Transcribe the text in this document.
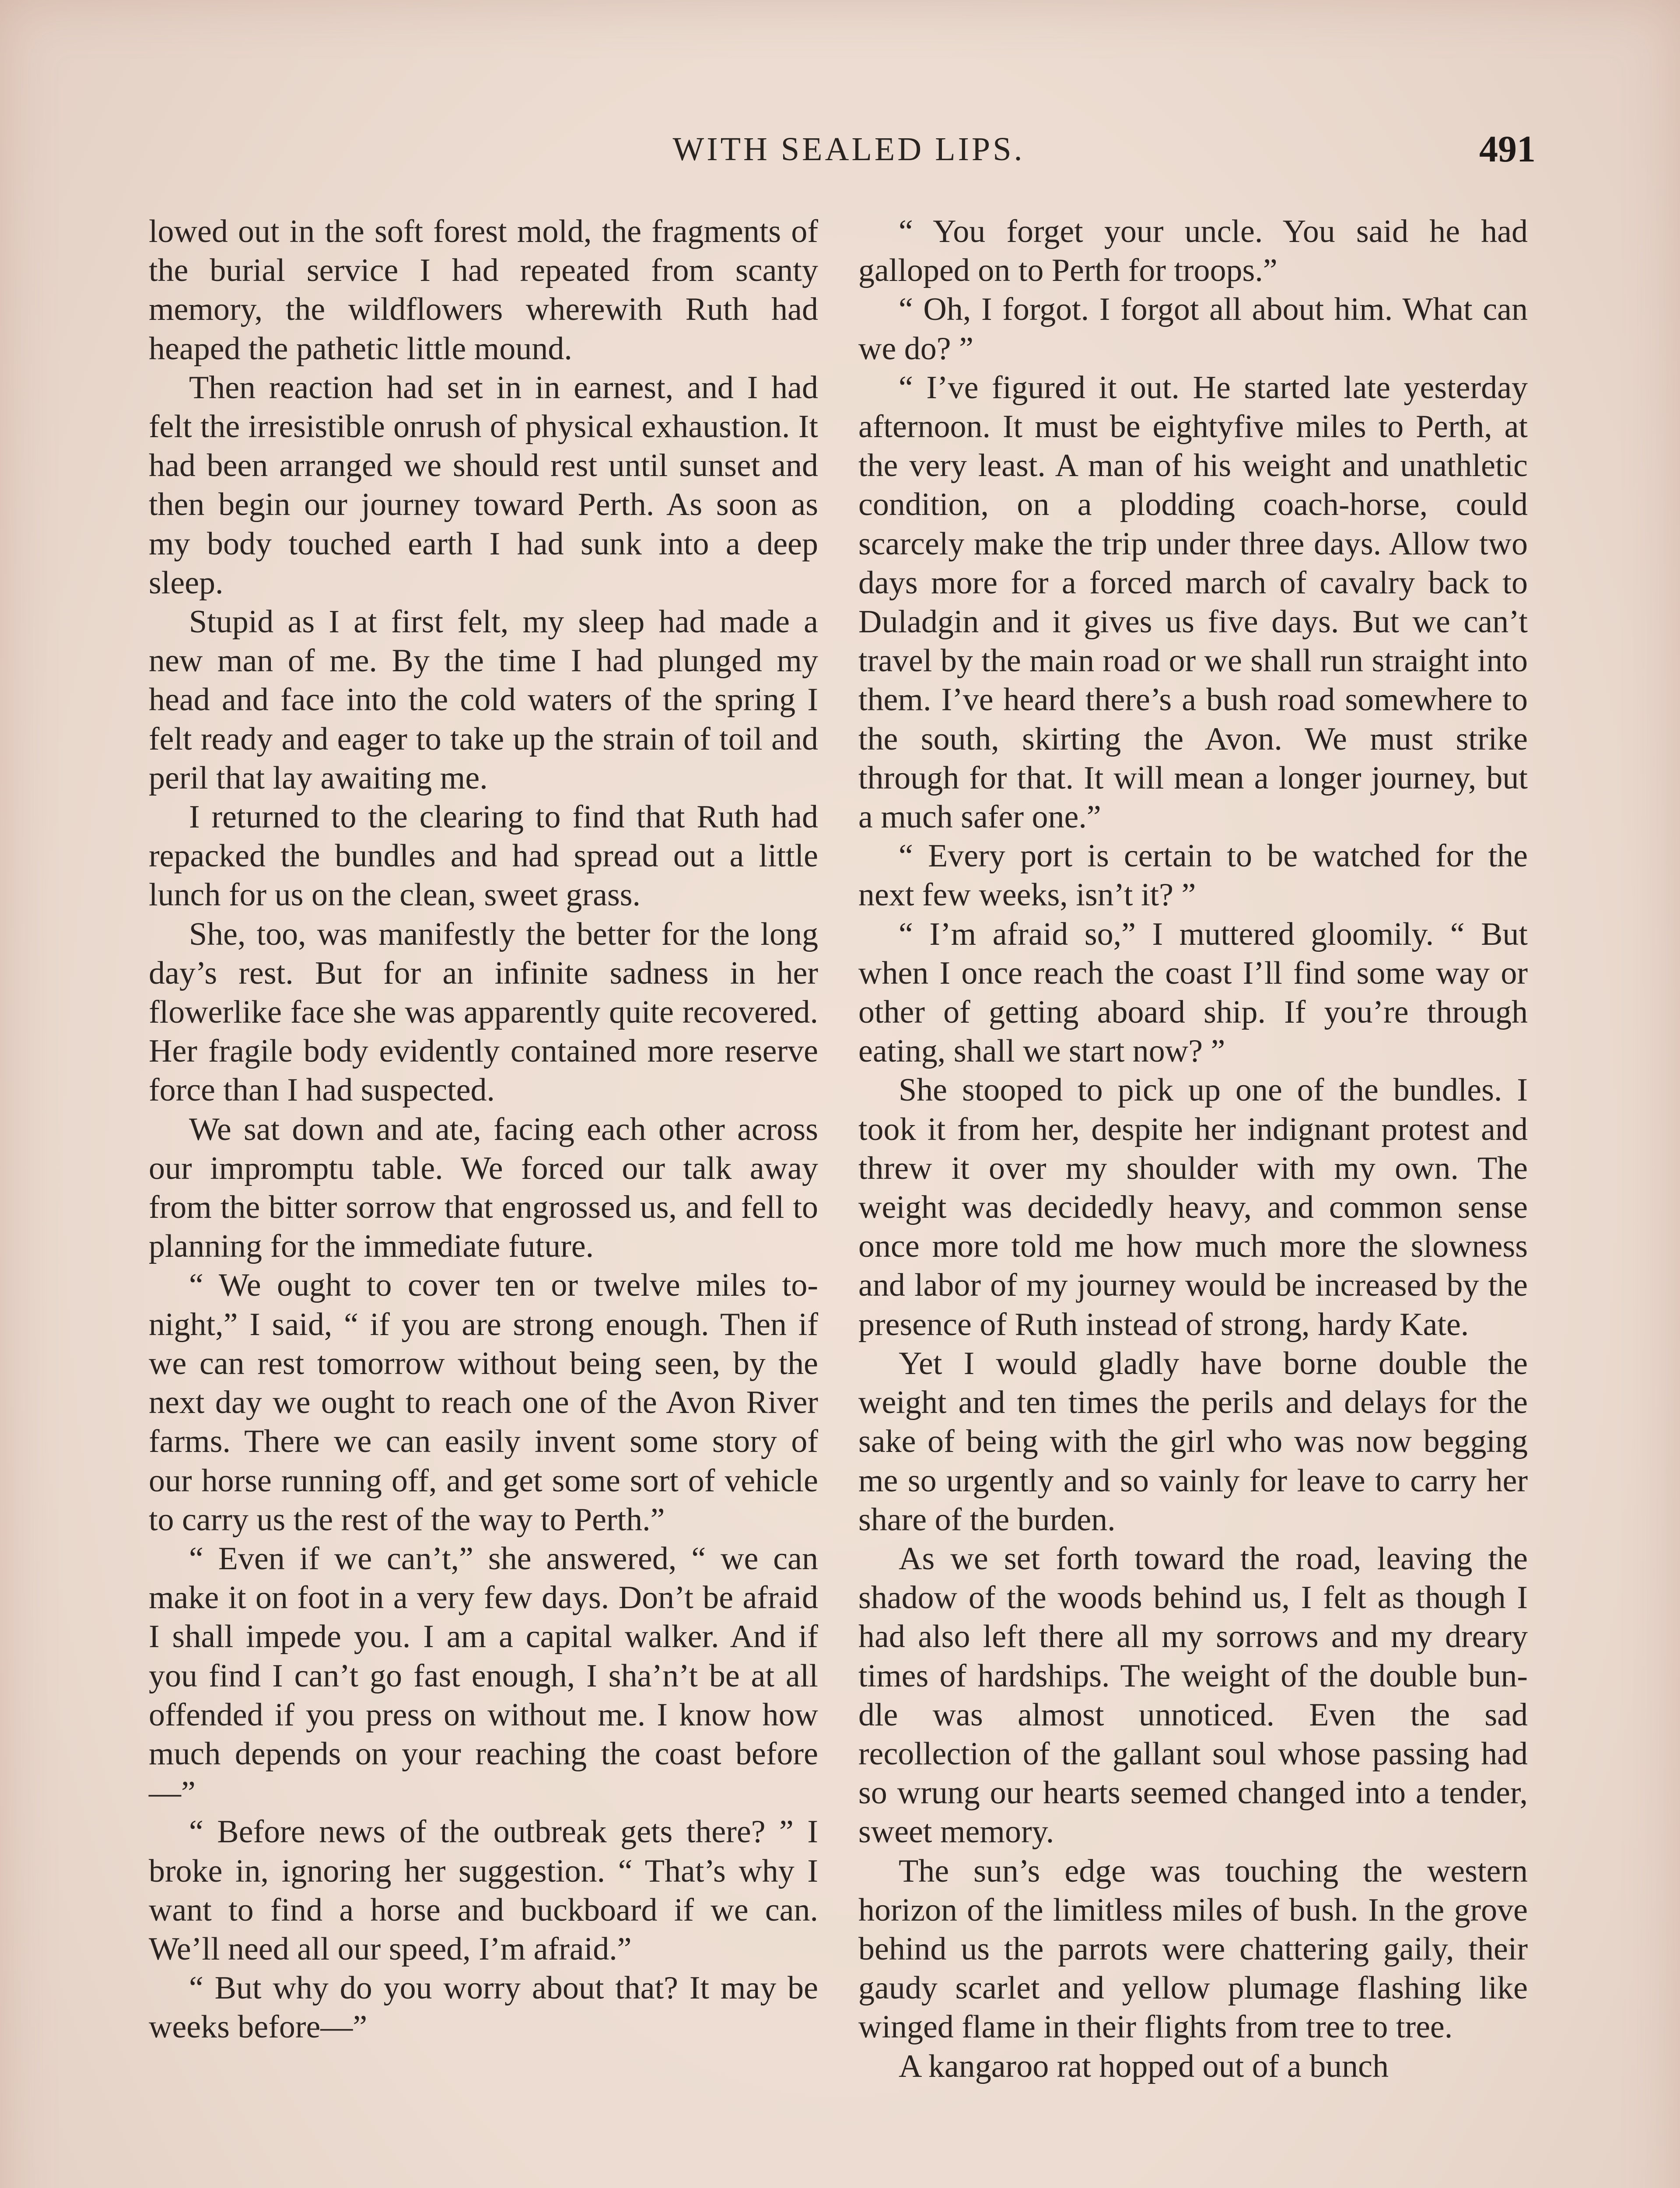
WITH SEALED LIPS.	491

lowed out in the soft forest mold, the fragments of the burial service I had repeated from scanty memory, the wildflowers wherewith Ruth had heaped the pathetic little mound.

Then reaction had set in in earnest, and I had felt the irresistible onrush of physical exhaustion. It had been arranged we should rest until sunset and then begin our journey toward Perth. As soon as my body touched earth I had sunk into a deep sleep.

Stupid as I at first felt, my sleep had made a new man of me. By the time I had plunged my head and face into the cold waters of the spring I felt ready and eager to take up the strain of toil and peril that lay awaiting me.

I returned to the clearing to find that Ruth had repacked the bundles and had spread out a little lunch for us on the clean, sweet grass.

She, too, was manifestly the better for the long day’s rest. But for an infinite sadness in her flowerlike face she was apparently quite recovered. Her fragile body evidently contained more reserve force than I had suspected.

We sat down and ate, facing each other across our impromptu table. We forced our talk away from the bitter sorrow that engrossed us, and fell to planning for the immediate future.

“ We ought to cover ten or twelve miles to-night,” I said, “ if you are strong enough. Then if we can rest tomorrow without being seen, by the next day we ought to reach one of the Avon River farms. There we can easily invent some story of our horse running off, and get some sort of vehicle to carry us the rest of the way to Perth.”

“ Even if we can’t,” she answered, “ we can make it on foot in a very few days. Don’t be afraid I shall impede you. I am a capital walker. And if you find I can’t go fast enough, I sha’n’t be at all offended if you press on without me. I know how much depends on your reaching the coast before—”

“ Before news of the outbreak gets there? ” I broke in, ignoring her suggestion. “ That’s why I want to find a horse and buckboard if we can. We’ll need all our speed, I’m afraid.”

“ But why do you worry about that? It may be weeks before—”

“ You forget your uncle. You said he had galloped on to Perth for troops.”

“ Oh, I forgot. I forgot all about him. What can we do? ”

“ I’ve figured it out. He started late yesterday afternoon. It must be eightyfive miles to Perth, at the very least. A man of his weight and unathletic condition, on a plodding coach-horse, could scarcely make the trip under three days. Allow two days more for a forced march of cavalry back to Duladgin and it gives us five days. But we can’t travel by the main road or we shall run straight into them. I’ve heard there’s a bush road somewhere to the south, skirting the Avon. We must strike through for that. It will mean a longer journey, but a much safer one.”

“ Every port is certain to be watched for the next few weeks, isn’t it? ”

“ I’m afraid so,” I muttered gloomily. “ But when I once reach the coast I’ll find some way or other of getting aboard ship. If you’re through eating, shall we start now? ”

She stooped to pick up one of the bundles. I took it from her, despite her indignant protest and threw it over my shoulder with my own. The weight was decidedly heavy, and common sense once more told me how much more the slowness and labor of my journey would be increased by the presence of Ruth instead of strong, hardy Kate.

Yet I would gladly have borne double the weight and ten times the perils and delays for the sake of being with the girl who was now begging me so urgently and so vainly for leave to carry her share of the burden.

As we set forth toward the road, leaving the shadow of the woods behind us, I felt as though I had also left there all my sorrows and my dreary times of hardships. The weight of the double bundle was almost unnoticed. Even the sad recollection of the gallant soul whose passing had so wrung our hearts seemed changed into a tender, sweet memory.

The sun’s edge was touching the western horizon of the limitless miles of bush. In the grove behind us the parrots were chattering gaily, their gaudy scarlet and yellow plumage flashing like winged flame in their flights from tree to tree.

A kangaroo rat hopped out of a bunch
